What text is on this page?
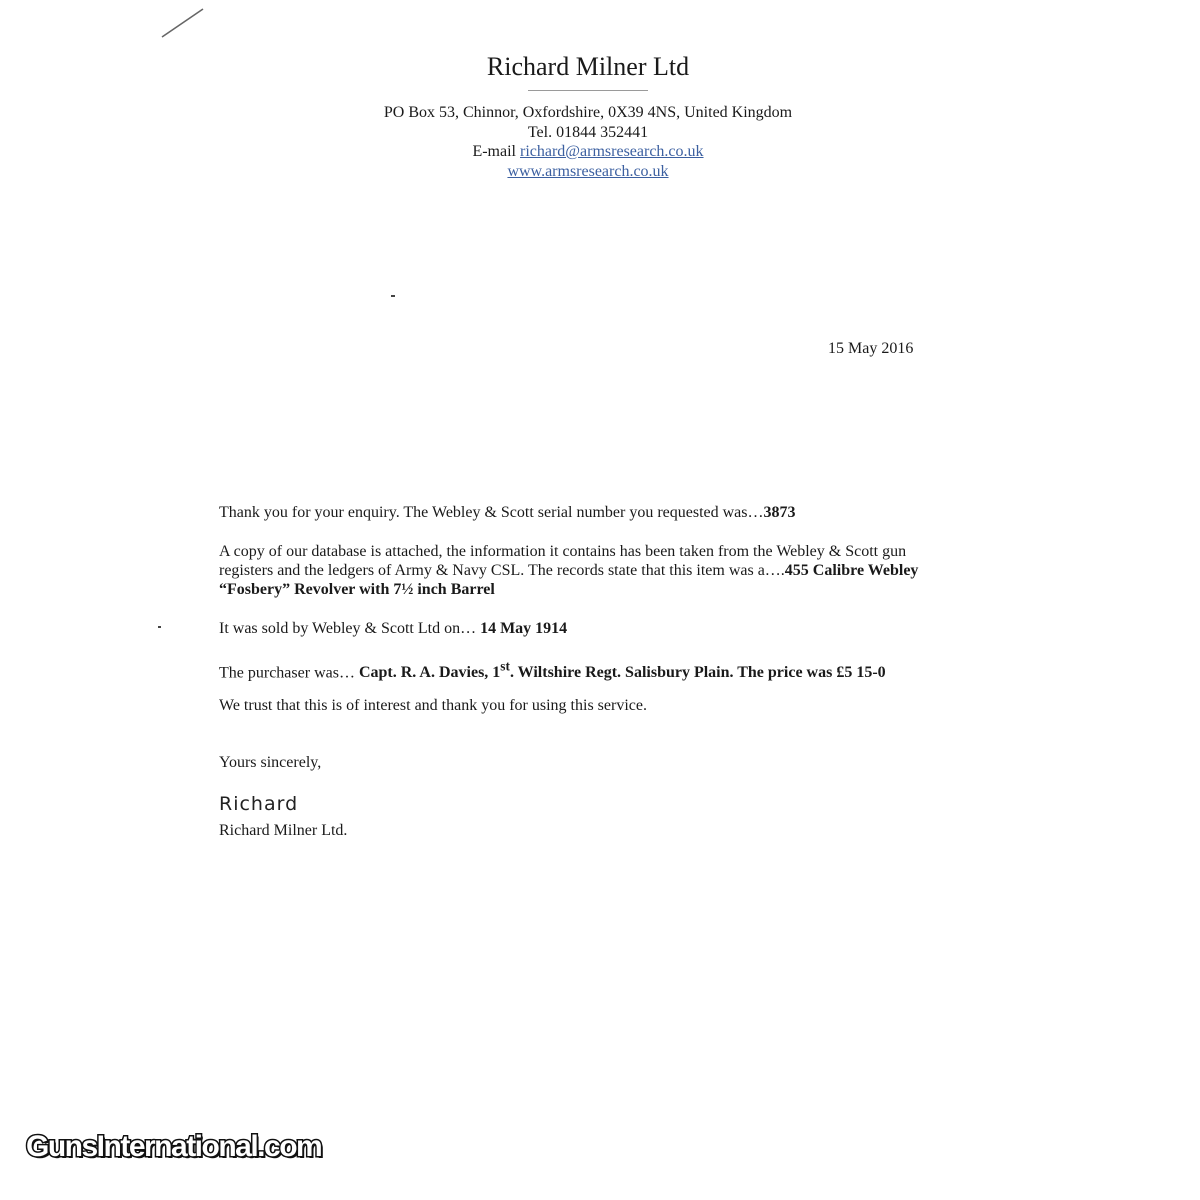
Richard Milner Ltd
PO Box 53, Chinnor, Oxfordshire, 0X39 4NS, United Kingdom
Tel. 01844 352441
E-mail richard@armsresearch.co.uk
www.armsresearch.co.uk
15 May 2016
Thank you for your enquiry. The Webley & Scott serial number you requested was…3873
A copy of our database is attached, the information it contains has been taken from the Webley & Scott gun registers and the ledgers of Army & Navy CSL. The records state that this item was a….455 Calibre Webley “Fosbery” Revolver with 7½ inch Barrel
It was sold by Webley & Scott Ltd on… 14 May 1914
The purchaser was… Capt. R. A. Davies, 1st. Wiltshire Regt. Salisbury Plain. The price was £5 15-0
We trust that this is of interest and thank you for using this service.
Yours sincerely,
Richard
Richard Milner Ltd.
GunsInternational.com
